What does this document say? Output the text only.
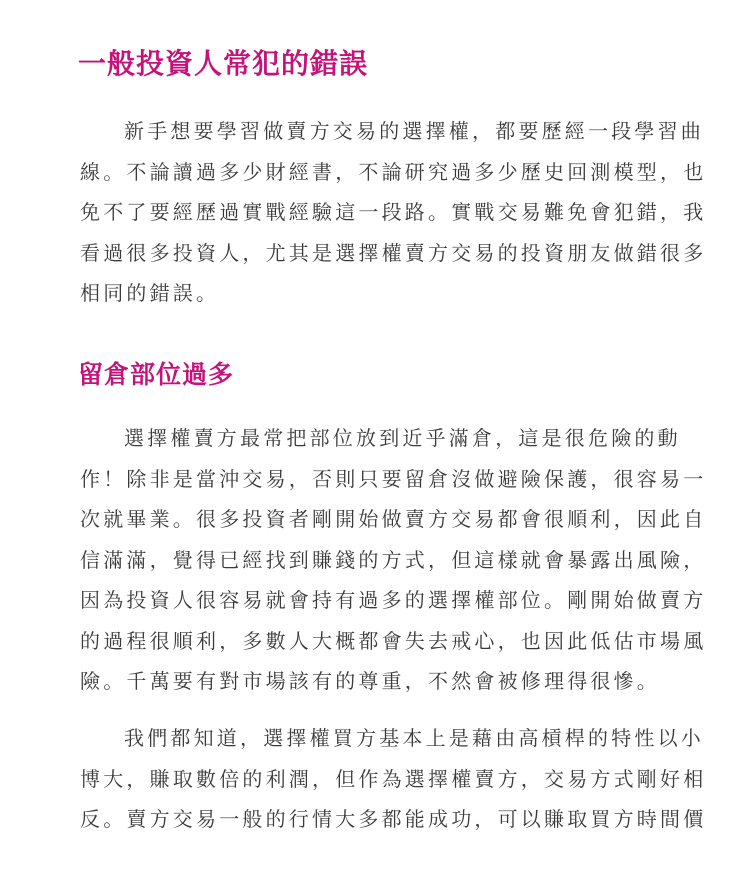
一般投資人常犯的錯誤
新手想要學習做賣方交易的選擇權，都要歷經一段學習曲
線。不論讀過多少財經書，不論研究過多少歷史回測模型，也
免不了要經歷過實戰經驗這一段路。實戰交易難免會犯錯，我
看過很多投資人，尤其是選擇權賣方交易的投資朋友做錯很多
相同的錯誤。
留倉部位過多
選擇權賣方最常把部位放到近乎滿倉，這是很危險的動
作！除非是當沖交易，否則只要留倉沒做避險保護，很容易一
次就畢業。很多投資者剛開始做賣方交易都會很順利，因此自
信滿滿，覺得已經找到賺錢的方式，但這樣就會暴露出風險，
因為投資人很容易就會持有過多的選擇權部位。剛開始做賣方
的過程很順利，多數人大概都會失去戒心，也因此低估市場風
險。千萬要有對市場該有的尊重，不然會被修理得很慘。
我們都知道，選擇權買方基本上是藉由高槓桿的特性以小
博大，賺取數倍的利潤，但作為選擇權賣方，交易方式剛好相
反。賣方交易一般的行情大多都能成功，可以賺取買方時間價
